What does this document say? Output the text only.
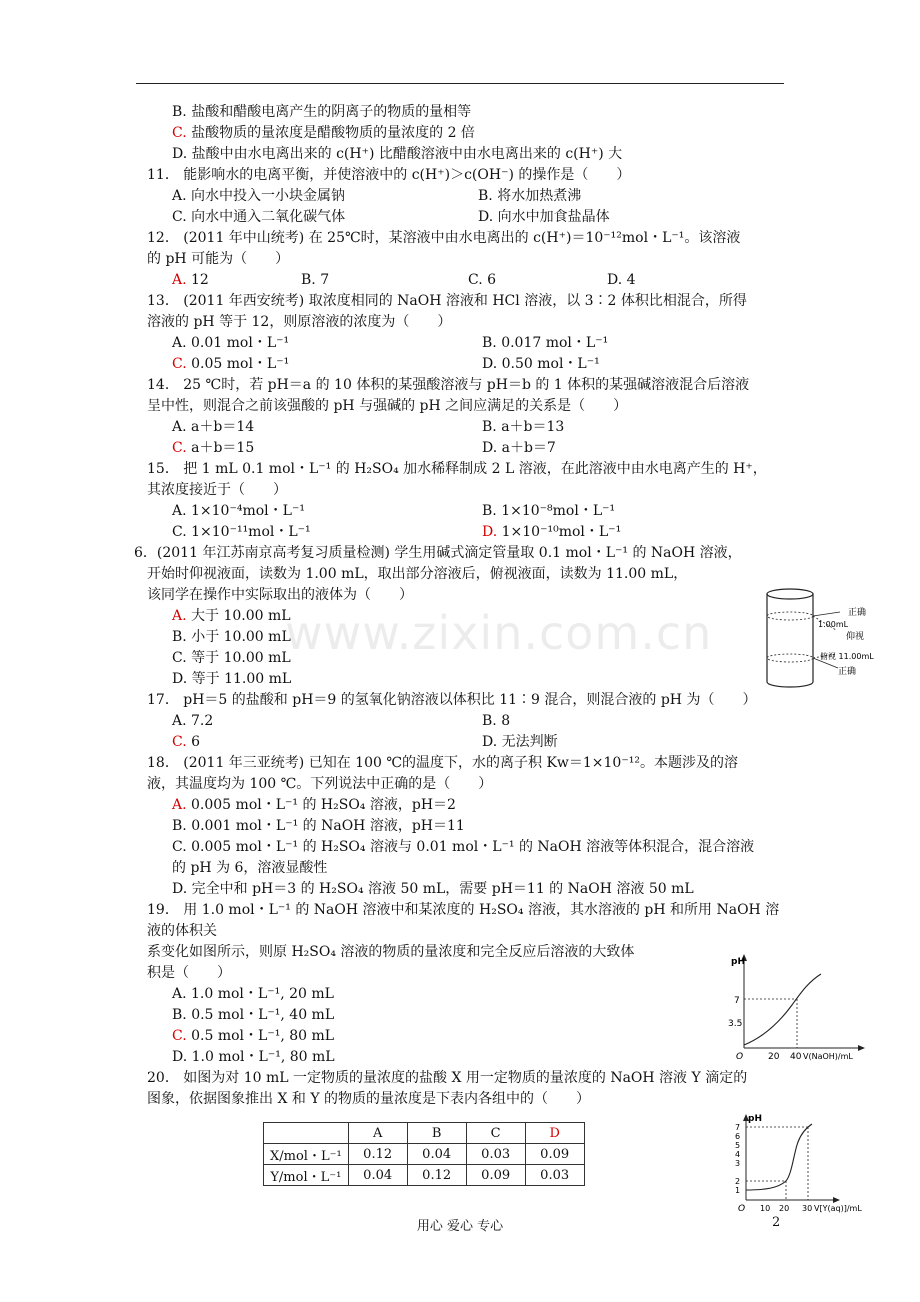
B. 盐酸和醋酸电离产生的阴离子的物质的量相等
C. 盐酸物质的量浓度是醋酸物质的量浓度的 2 倍
D. 盐酸中由水电离出来的 c(H⁺) 比醋酸溶液中由水电离出来的 c(H⁺) 大
11． 能影响水的电离平衡，并使溶液中的 c(H⁺)＞c(OH⁻) 的操作是（　　）
A. 向水中投入一小块金属钠	B. 将水加热煮沸
C. 向水中通入二氧化碳气体	D. 向水中加食盐晶体
12． (2011 年中山统考) 在 25℃时，某溶液中由水电离出的 c(H⁺)＝10⁻¹²mol・L⁻¹。该溶液
的 pH 可能为（　　）
A. 12	B. 7	C. 6	D. 4
13． (2011 年西安统考) 取浓度相同的 NaOH 溶液和 HCl 溶液，以 3∶2 体积比相混合，所得
溶液的 pH 等于 12，则原溶液的浓度为（　　）
A. 0.01 mol・L⁻¹	B. 0.017 mol・L⁻¹
C. 0.05 mol・L⁻¹	D. 0.50 mol・L⁻¹
14． 25 ℃时，若 pH＝a 的 10 体积的某强酸溶液与 pH＝b 的 1 体积的某强碱溶液混合后溶液
呈中性，则混合之前该强酸的 pH 与强碱的 pH 之间应满足的关系是（　　）
A. a＋b＝14	B. a＋b＝13
C. a＋b＝15	D. a＋b＝7
15． 把 1 mL 0.1 mol・L⁻¹ 的 H₂SO₄ 加水稀释制成 2 L 溶液，在此溶液中由水电离产生的 H⁺，
其浓度接近于（　　）
A. 1×10⁻⁴mol・L⁻¹	B. 1×10⁻⁸mol・L⁻¹
C. 1×10⁻¹¹mol・L⁻¹	D. 1×10⁻¹⁰mol・L⁻¹
6．(2011 年江苏南京高考复习质量检测) 学生用碱式滴定管量取 0.1 mol・L⁻¹ 的 NaOH 溶液，
开始时仰视液面，读数为 1.00 mL，取出部分溶液后，俯视液面，读数为 11.00 mL，
该同学在操作中实际取出的液体为（　　）
A. 大于 10.00 mL
B. 小于 10.00 mL
C. 等于 10.00 mL
D. 等于 11.00 mL
17． pH＝5 的盐酸和 pH＝9 的氢氧化钠溶液以体积比 11∶9 混合，则混合液的 pH 为（　　）
A. 7.2	B. 8
C. 6	D. 无法判断
18． (2011 年三亚统考) 已知在 100 ℃的温度下，水的离子积 Kᴡ＝1×10⁻¹²。本题涉及的溶
液，其温度均为 100 ℃。下列说法中正确的是（　　）
A. 0.005 mol・L⁻¹ 的 H₂SO₄ 溶液，pH＝2
B. 0.001 mol・L⁻¹ 的 NaOH 溶液，pH＝11
C. 0.005 mol・L⁻¹ 的 H₂SO₄ 溶液与 0.01 mol・L⁻¹ 的 NaOH 溶液等体积混合，混合溶液
的 pH 为 6，溶液显酸性
D. 完全中和 pH＝3 的 H₂SO₄ 溶液 50 mL，需要 pH＝11 的 NaOH 溶液 50 mL
19． 用 1.0 mol・L⁻¹ 的 NaOH 溶液中和某浓度的 H₂SO₄ 溶液，其水溶液的 pH 和所用 NaOH 溶
液的体积关
系变化如图所示，则原 H₂SO₄ 溶液的物质的量浓度和完全反应后溶液的大致体
积是（　　）
A. 1.0 mol・L⁻¹, 20 mL
B. 0.5 mol・L⁻¹, 40 mL
C. 0.5 mol・L⁻¹, 80 mL
D. 1.0 mol・L⁻¹, 80 mL
20． 如图为对 10 mL 一定物质的量浓度的盐酸 X 用一定物质的量浓度的 NaOH 溶液 Y 滴定的
图象，依据图象推出 X 和 Y 的物质的量浓度是下表内各组中的（　　）
	A	B	C	D
X/mol・L⁻¹	0.12	0.04	0.03	0.09
Y/mol・L⁻¹	0.04	0.12	0.09	0.03
www.zixin.com.cn	正确
1.00mL
仰视
俯视 11.00mL
正确
pH
7
3.5
O	20 40 V(NaOH)/mL
pH
7
6
5
4
3
2
1
O 10 20 30 V[Y(aq)]/mL
用心 爱心 专心	2
